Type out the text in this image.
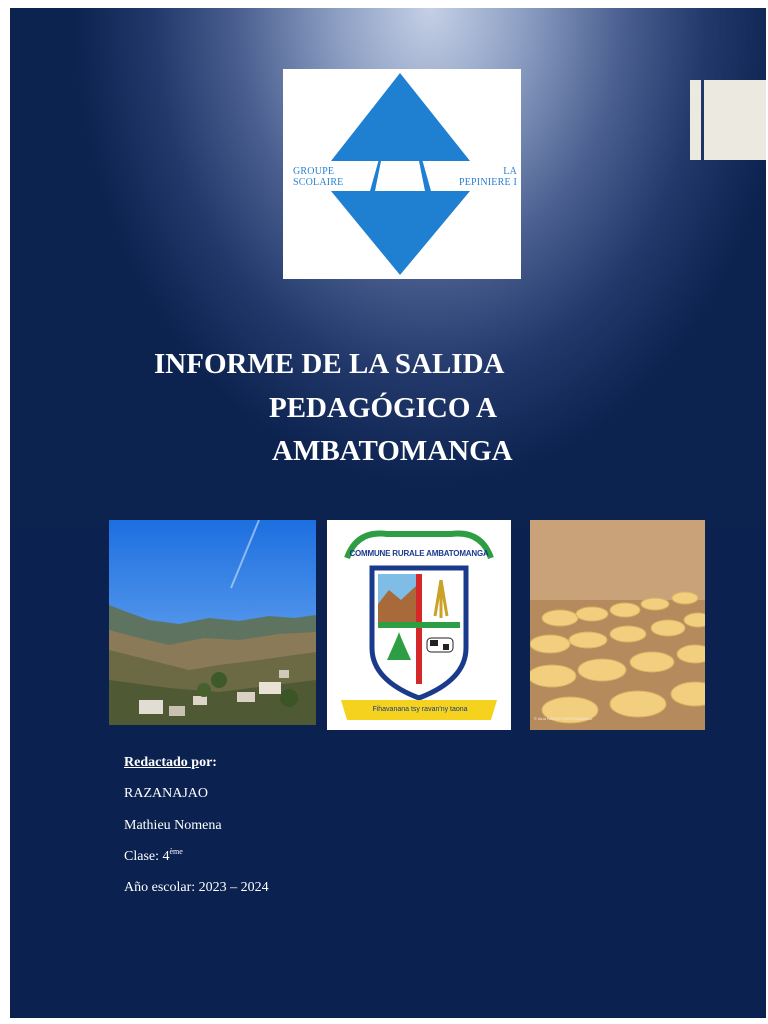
GROUPE
SCOLAIRE
LA
PEPINIERE I
INFORME DE LA SALIDA
PEDAGÓGICO A
AMBATOMANGA
COMMUNE RURALE AMBATOMANGA
Fihavanana tsy ravan'ny taona
© Aina RAKOTONDRAMANANA
Redactado por:
RAZANAJAO
Mathieu Nomena
Clase: 4ème
Año escolar: 2023 – 2024
